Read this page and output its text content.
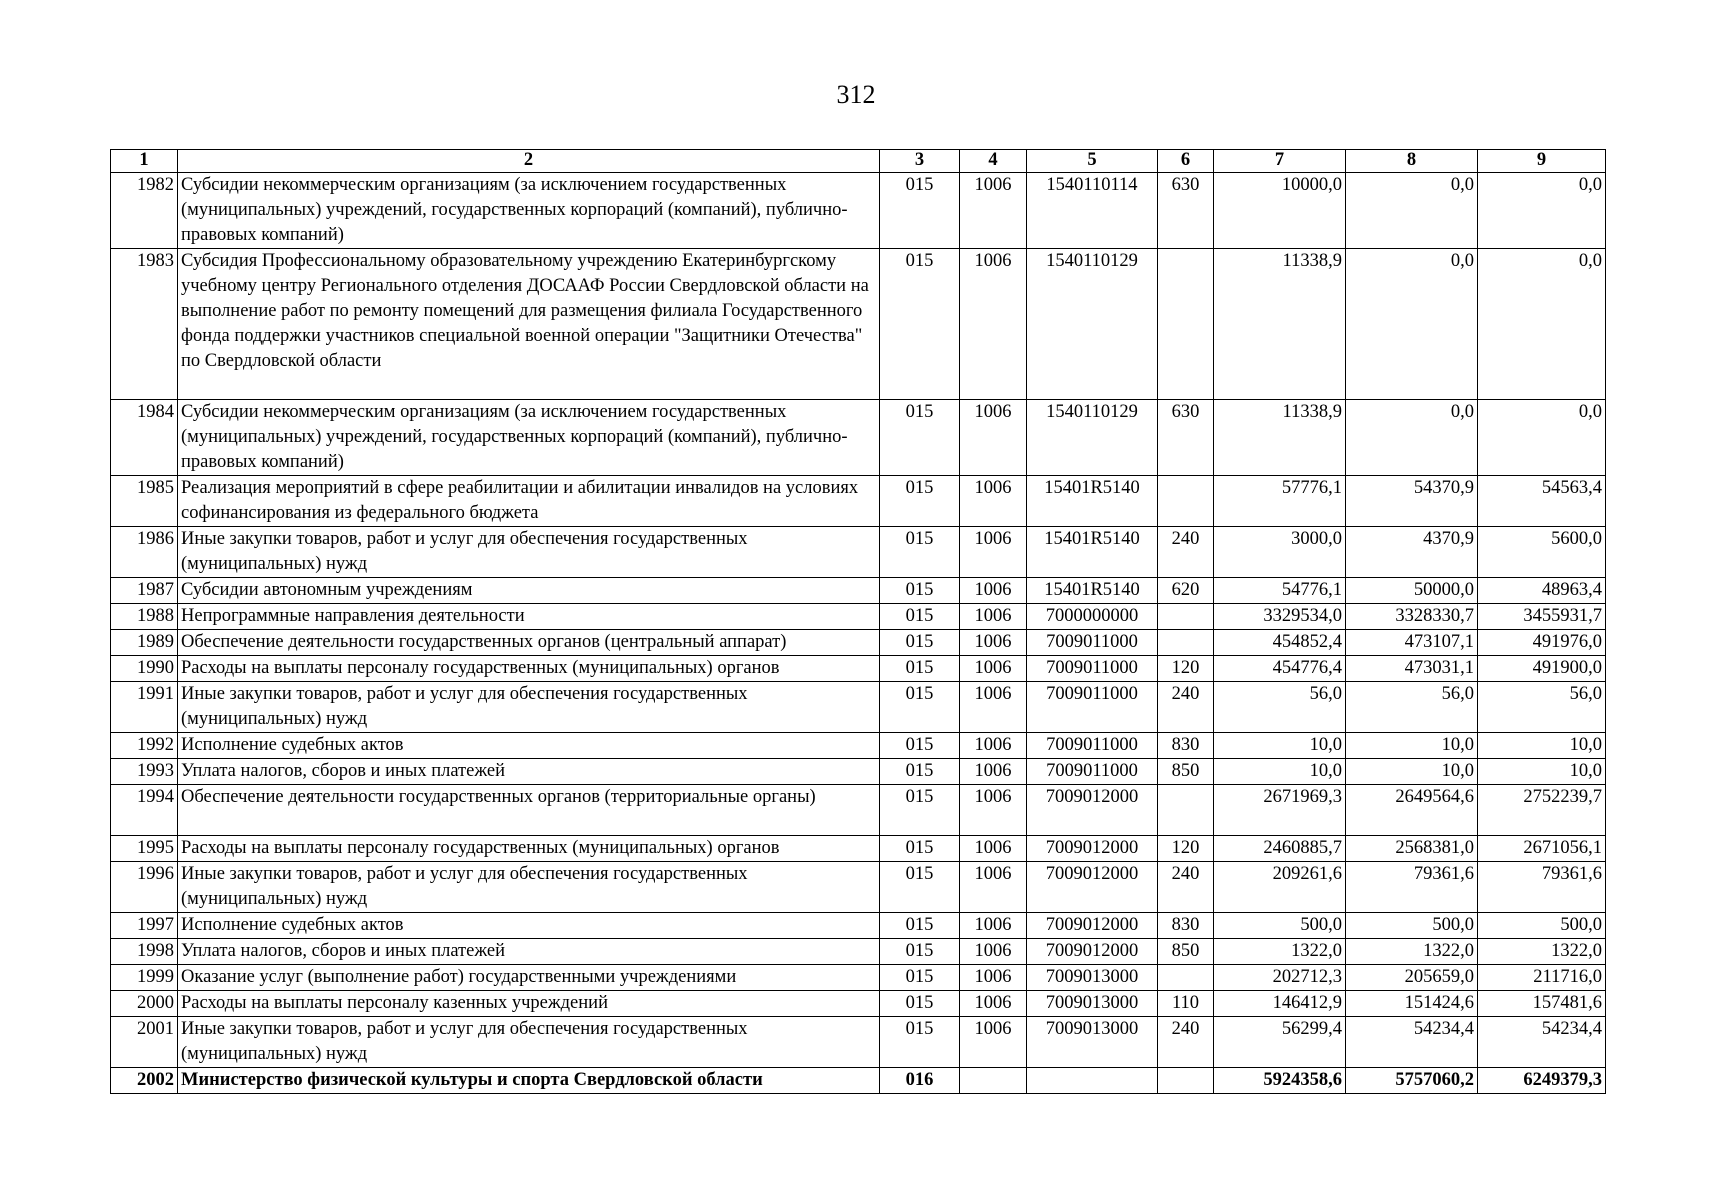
312
1	2	3	4	5	6	7	8	9
1982	Субсидии некоммерческим организациям (за исключением государственных (муниципальных) учреждений, государственных корпораций (компаний), публично-правовых компаний)	015	1006	1540110114	630	10000,0	0,0	0,0
1983	Субсидия Профессиональному образовательному учреждению Екатеринбургскому учебному центру Регионального отделения ДОСААФ России Свердловской области на выполнение работ по ремонту помещений для размещения филиала Государственного фонда поддержки участников специальной военной операции "Защитники Отечества" по Свердловской области	015	1006	1540110129		11338,9	0,0	0,0
1984	Субсидии некоммерческим организациям (за исключением государственных (муниципальных) учреждений, государственных корпораций (компаний), публично-правовых компаний)	015	1006	1540110129	630	11338,9	0,0	0,0
1985	Реализация мероприятий в сфере реабилитации и абилитации инвалидов на условиях софинансирования из федерального бюджета	015	1006	15401R5140		57776,1	54370,9	54563,4
1986	Иные закупки товаров, работ и услуг для обеспечения государственных (муниципальных) нужд	015	1006	15401R5140	240	3000,0	4370,9	5600,0
1987	Субсидии автономным учреждениям	015	1006	15401R5140	620	54776,1	50000,0	48963,4
1988	Непрограммные направления деятельности	015	1006	7000000000		3329534,0	3328330,7	3455931,7
1989	Обеспечение деятельности государственных органов (центральный аппарат)	015	1006	7009011000		454852,4	473107,1	491976,0
1990	Расходы на выплаты персоналу государственных (муниципальных) органов	015	1006	7009011000	120	454776,4	473031,1	491900,0
1991	Иные закупки товаров, работ и услуг для обеспечения государственных (муниципальных) нужд	015	1006	7009011000	240	56,0	56,0	56,0
1992	Исполнение судебных актов	015	1006	7009011000	830	10,0	10,0	10,0
1993	Уплата налогов, сборов и иных платежей	015	1006	7009011000	850	10,0	10,0	10,0
1994	Обеспечение деятельности государственных органов (территориальные органы)	015	1006	7009012000		2671969,3	2649564,6	2752239,7
1995	Расходы на выплаты персоналу государственных (муниципальных) органов	015	1006	7009012000	120	2460885,7	2568381,0	2671056,1
1996	Иные закупки товаров, работ и услуг для обеспечения государственных (муниципальных) нужд	015	1006	7009012000	240	209261,6	79361,6	79361,6
1997	Исполнение судебных актов	015	1006	7009012000	830	500,0	500,0	500,0
1998	Уплата налогов, сборов и иных платежей	015	1006	7009012000	850	1322,0	1322,0	1322,0
1999	Оказание услуг (выполнение работ) государственными учреждениями	015	1006	7009013000		202712,3	205659,0	211716,0
2000	Расходы на выплаты персоналу казенных учреждений	015	1006	7009013000	110	146412,9	151424,6	157481,6
2001	Иные закупки товаров, работ и услуг для обеспечения государственных (муниципальных) нужд	015	1006	7009013000	240	56299,4	54234,4	54234,4
2002	Министерство физической культуры и спорта Свердловской области	016				5924358,6	5757060,2	6249379,3
